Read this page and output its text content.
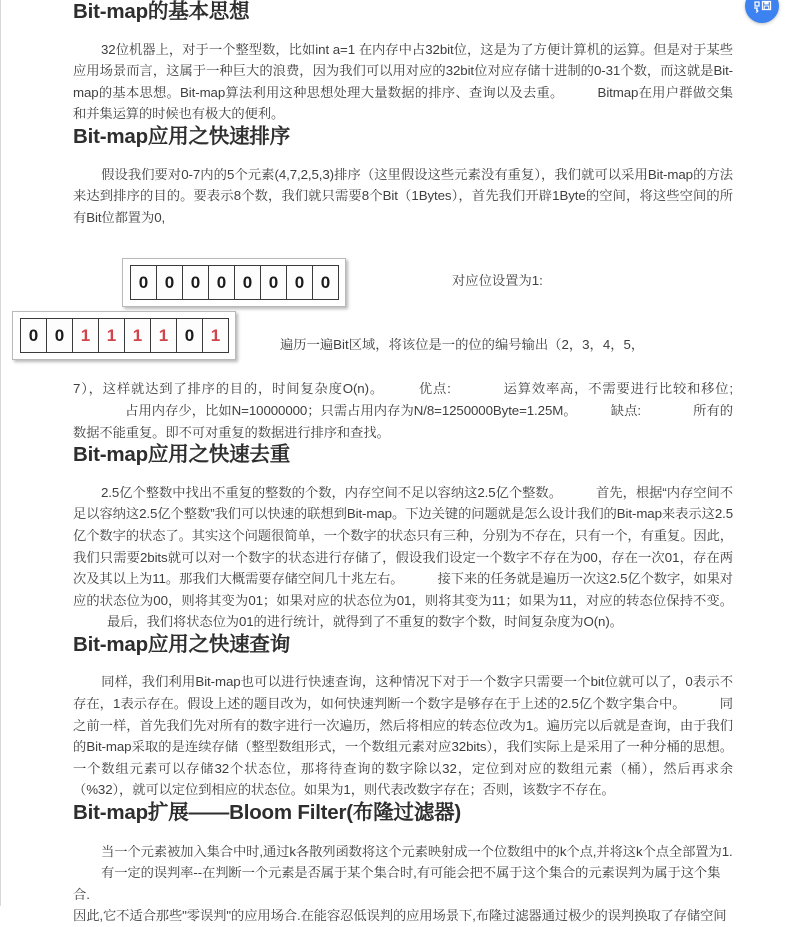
Bit-map的基本思想

32位机器上，对于一个整型数，比如int a=1 在内存中占32bit位，这是为了方便计算机的运算。但是对于某些应用场景而言，这属于一种巨大的浪费，因为我们可以用对应的32bit位对应存储十进制的0-31个数，而这就是Bit-map的基本思想。Bit-map算法利用这种思想处理大量数据的排序、查询以及去重。	Bitmap在用户群做交集和并集运算的时候也有极大的便利。

Bit-map应用之快速排序

假设我们要对0-7内的5个元素(4,7,2,5,3)排序（这里假设这些元素没有重复），我们就可以采用Bit-map的方法来达到排序的目的。要表示8个数，我们就只需要8个Bit（1Bytes），首先我们开辟1Byte的空间，将这些空间的所有Bit位都置为0,

7），这样就达到了排序的目的，时间复杂度O(n)。	优点:	运算效率高，不需要进行比较和移位;占用内存少，比如N=10000000；只需占用内存为N/8=1250000Byte=1.25M。	缺点:	所有的数据不能重复。即不可对重复的数据进行排序和查找。

Bit-map应用之快速去重

2.5亿个整数中找出不重复的整数的个数，内存空间不足以容纳这2.5亿个整数。	首先，根据“内存空间不足以容纳这2.5亿个整数”我们可以快速的联想到Bit-map。下边关键的问题就是怎么设计我们的Bit-map来表示这2.5亿个数字的状态了。其实这个问题很简单，一个数字的状态只有三种，分别为不存在，只有一个，有重复。因此，我们只需要2bits就可以对一个数字的状态进行存储了，假设我们设定一个数字不存在为00，存在一次01，存在两次及其以上为11。那我们大概需要存储空间几十兆左右。	接下来的任务就是遍历一次这2.5亿个数字，如果对应的状态位为00，则将其变为01；如果对应的状态位为01，则将其变为11；如果为11，对应的转态位保持不变。最后，我们将状态位为01的进行统计，就得到了不重复的数字个数，时间复杂度为O(n)。

Bit-map应用之快速查询

同样，我们利用Bit-map也可以进行快速查询，这种情况下对于一个数字只需要一个bit位就可以了，0表示不存在，1表示存在。假设上述的题目改为，如何快速判断一个数字是够存在于上述的2.5亿个数字集合中。	同之前一样，首先我们先对所有的数字进行一次遍历，然后将相应的转态位改为1。遍历完以后就是查询，由于我们的Bit-map采取的是连续存储（整型数组形式，一个数组元素对应32bits），我们实际上是采用了一种分桶的思想。一个数组元素可以存储32个状态位，那将待查询的数字除以32，定位到对应的数组元素（桶），然后再求余（%32），就可以定位到相应的状态位。如果为1，则代表改数字存在；否则，该数字不存在。

Bit-map扩展——Bloom Filter(布隆过滤器)

当一个元素被加入集合中时,通过k各散列函数将这个元素映射成一个位数组中的k个点,并将这k个点全部置为1.

有一定的误判率--在判断一个元素是否属于某个集合时,有可能会把不属于这个集合的元素误判为属于这个集合.

因此,它不适合那些"零误判"的应用场合.在能容忍低误判的应用场景下,布隆过滤器通过极少的误判换取了存储空间

0 0 0 0 0 0 0 0
0 0 1 1 1 1 0 1
对应位设置为1:
遍历一遍Bit区域，将该位是一的位的编号输出（2，3，4，5，
